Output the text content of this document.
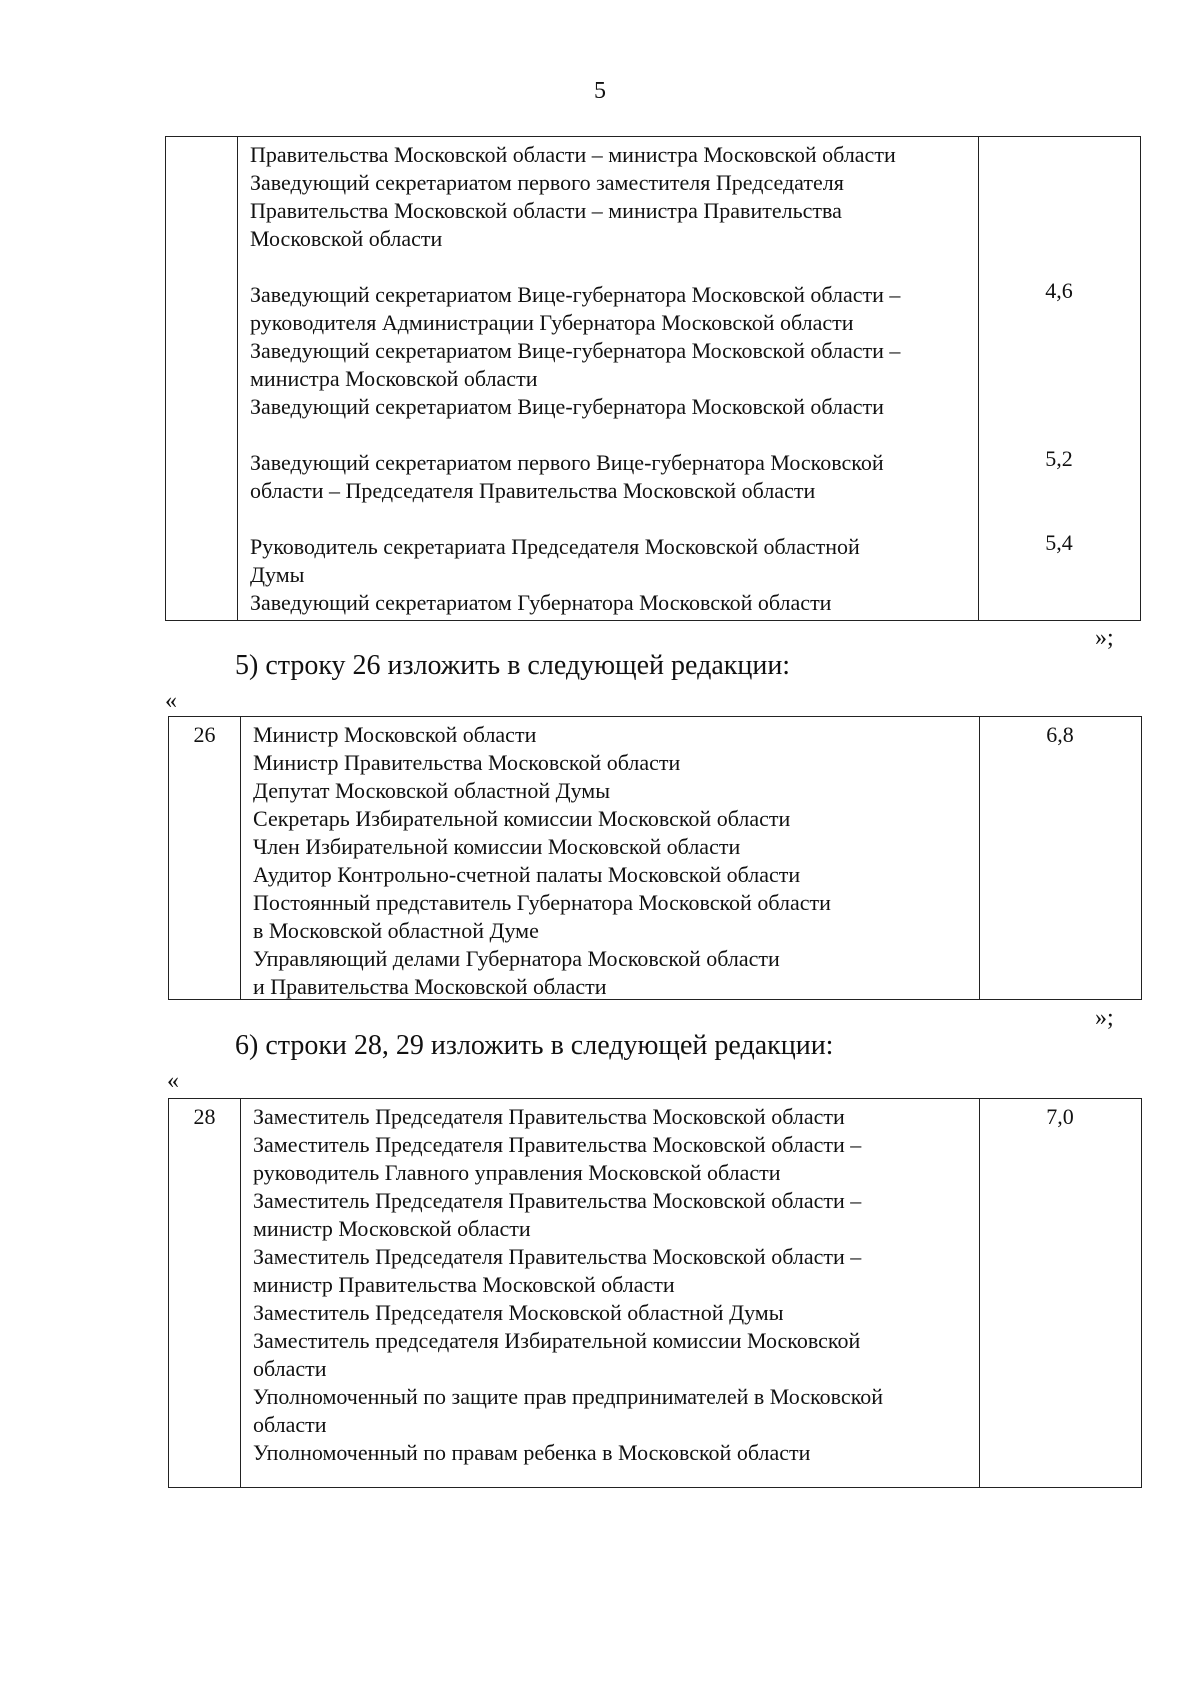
5
Правительства Московской области – министра Московской области
Заведующий секретариатом первого заместителя Председателя
Правительства Московской области – министра Правительства
Московской области
Заведующий секретариатом Вице-губернатора Московской области –
руководителя Администрации Губернатора Московской области
Заведующий секретариатом Вице-губернатора Московской области –
министра Московской области
Заведующий секретариатом Вице-губернатора Московской области
Заведующий секретариатом первого Вице-губернатора Московской
области – Председателя Правительства Московской области
Руководитель секретариата Председателя Московской областной
Думы
Заведующий секретариатом Губернатора Московской области
4,6
5,2
5,4
»;
5) строку 26 изложить в следующей редакции:
«
26	Министр Московской области
Министр Правительства Московской области
Депутат Московской областной Думы
Секретарь Избирательной комиссии Московской области
Член Избирательной комиссии Московской области
Аудитор Контрольно-счетной палаты Московской области
Постоянный представитель Губернатора Московской области
в Московской областной Думе
Управляющий делами Губернатора Московской области
и Правительства Московской области
6,8
»;
6) строки 28, 29 изложить в следующей редакции:
«
28	Заместитель Председателя Правительства Московской области
Заместитель Председателя Правительства Московской области –
руководитель Главного управления Московской области
Заместитель Председателя Правительства Московской области –
министр Московской области
Заместитель Председателя Правительства Московской области –
министр Правительства Московской области
Заместитель Председателя Московской областной Думы
Заместитель председателя Избирательной комиссии Московской
области
Уполномоченный по защите прав предпринимателей в Московской
области
Уполномоченный по правам ребенка в Московской области
7,0
